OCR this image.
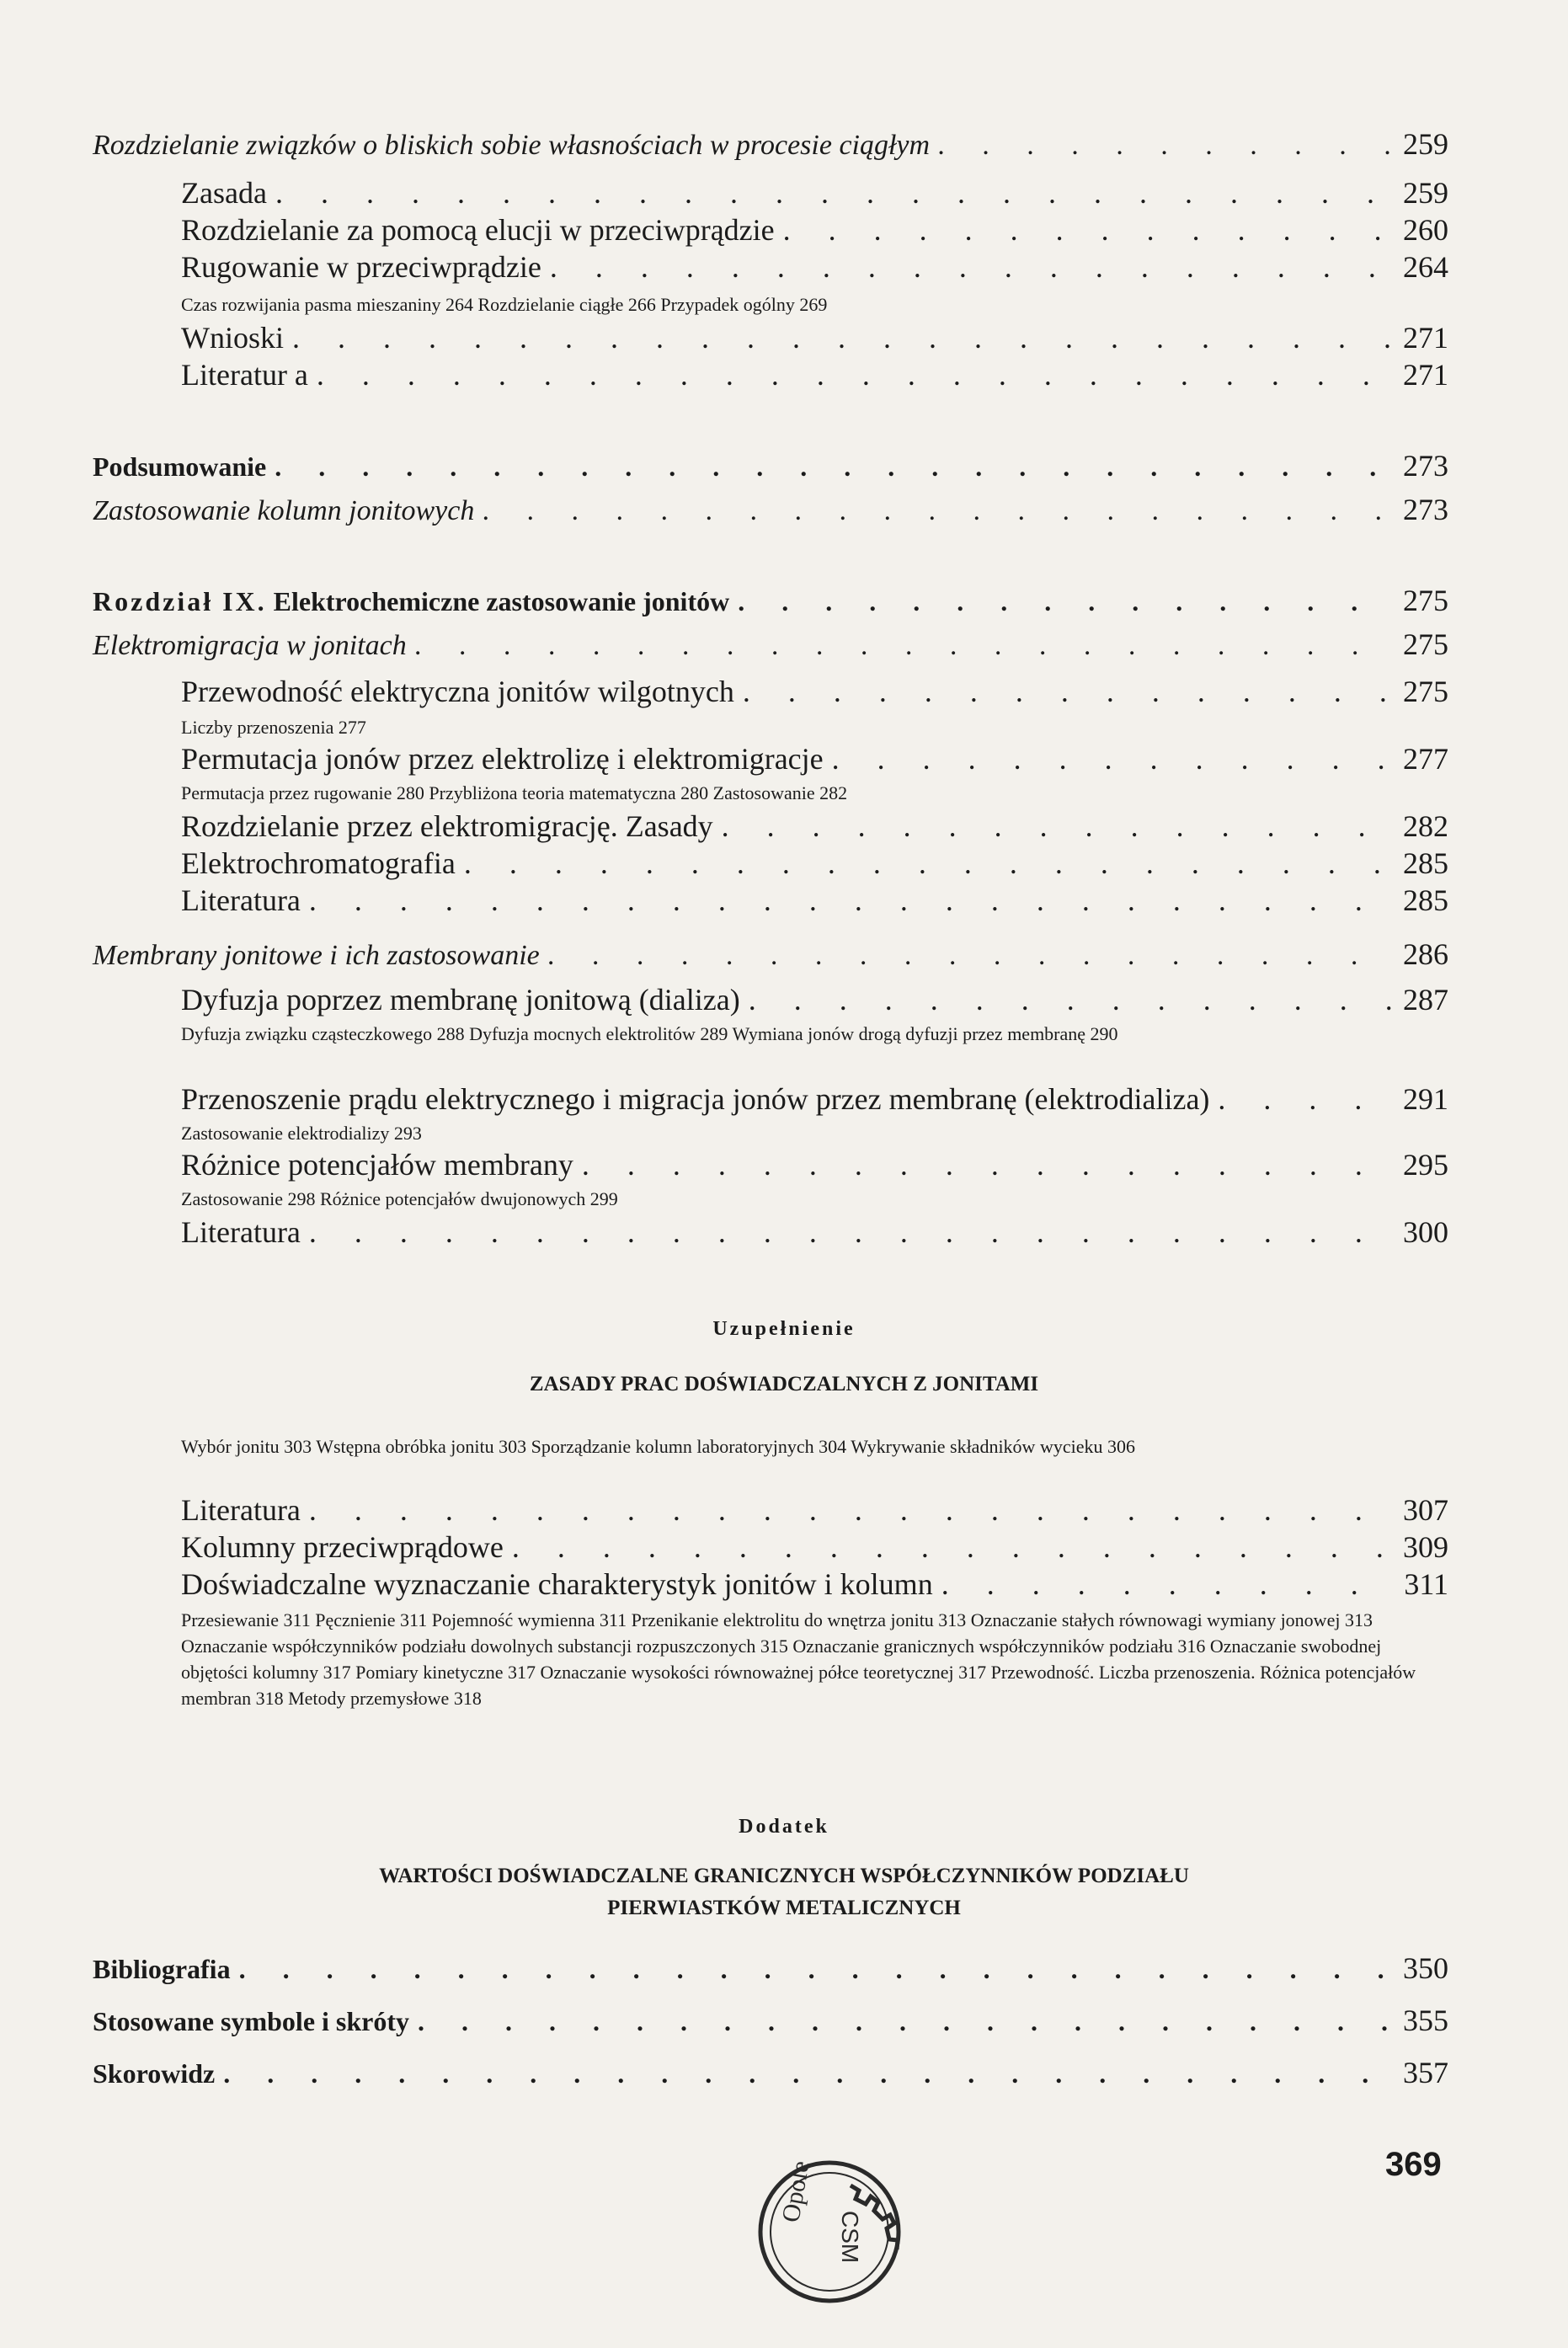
Rozdzielanie związków o bliskich sobie własnościach w procesie ciągłym . . .	259
Zasada . . .	259
Rozdzielanie za pomocą elucji w przeciwprądzie . . .	260
Rugowanie w przeciwprądzie . . .	264
Czas rozwijania pasma mieszaniny 264 Rozdzielanie ciągłe 266 Przypadek ogólny 269
Wnioski . . .	271
Literatur a . . .	271
Podsumowanie . . .	273
Zastosowanie kolumn jonitowych . . .	273
Rozdział IX. Elektrochemiczne zastosowanie jonitów . . .	275
Elektromigracja w jonitach . . .	275
Przewodność elektryczna jonitów wilgotnych . . .	275
Liczby przenoszenia 277
Permutacja jonów przez elektrolizę i elektromigracje . . .	277
Permutacja przez rugowanie 280 Przybliżona teoria matematyczna 280 Zastosowanie 282
Rozdzielanie przez elektromigrację. Zasady . . .	282
Elektrochromatografia . . .	285
Literatura . . .	285
Membrany jonitowe i ich zastosowanie . . .	286
Dyfuzja poprzez membranę jonitową (dializa) . . .	287
Dyfuzja związku cząsteczkowego 288 Dyfuzja mocnych elektrolitów 289 Wymiana jonów drogą dyfuzji przez membranę 290
Przenoszenie prądu elektrycznego i migracja jonów przez membranę (elektrodializa) . . .	291
Zastosowanie elektrodializy 293
Różnice potencjałów membrany . . .	295
Zastosowanie 298 Różnice potencjałów dwujonowych 299
Literatura . . .	300
Uzupełnienie
ZASADY PRAC DOŚWIADCZALNYCH Z JONITAMI
Wybór jonitu 303 Wstępna obróbka jonitu 303 Sporządzanie kolumn laboratoryjnych 304 Wykrywanie składników wycieku 306
Literatura . . .	307
Kolumny przeciwprądowe . . .	309
Doświadczalne wyznaczanie charakterystyk jonitów i kolumn . . .	311
Przesiewanie 311 Pęcznienie 311 Pojemność wymienna 311 Przenikanie elektrolitu do wnętrza jonitu 313 Oznaczanie stałych równowagi wymiany jonowej 313 Oznaczanie współczynników podziału dowolnych substancji rozpuszczonych 315 Oznaczanie granicznych współczynników podziału 316 Oznaczanie swobodnej objętości kolumny 317 Pomiary kinetyczne 317 Oznaczanie wysokości równoważnej półce teoretycznej 317 Przewodność. Liczba przenoszenia. Różnica potencjałów membran 318 Metody przemysłowe 318
Dodatek
WARTOŚCI DOŚWIADCZALNE GRANICZNYCH WSPÓŁCZYNNIKÓW PODZIAŁU
PIERWIASTKÓW METALICZNYCH
Bibliografia . . .	350
Stosowane symbole i skróty . . .	355
Skorowidz . . .	357
Opole
CSM
369
